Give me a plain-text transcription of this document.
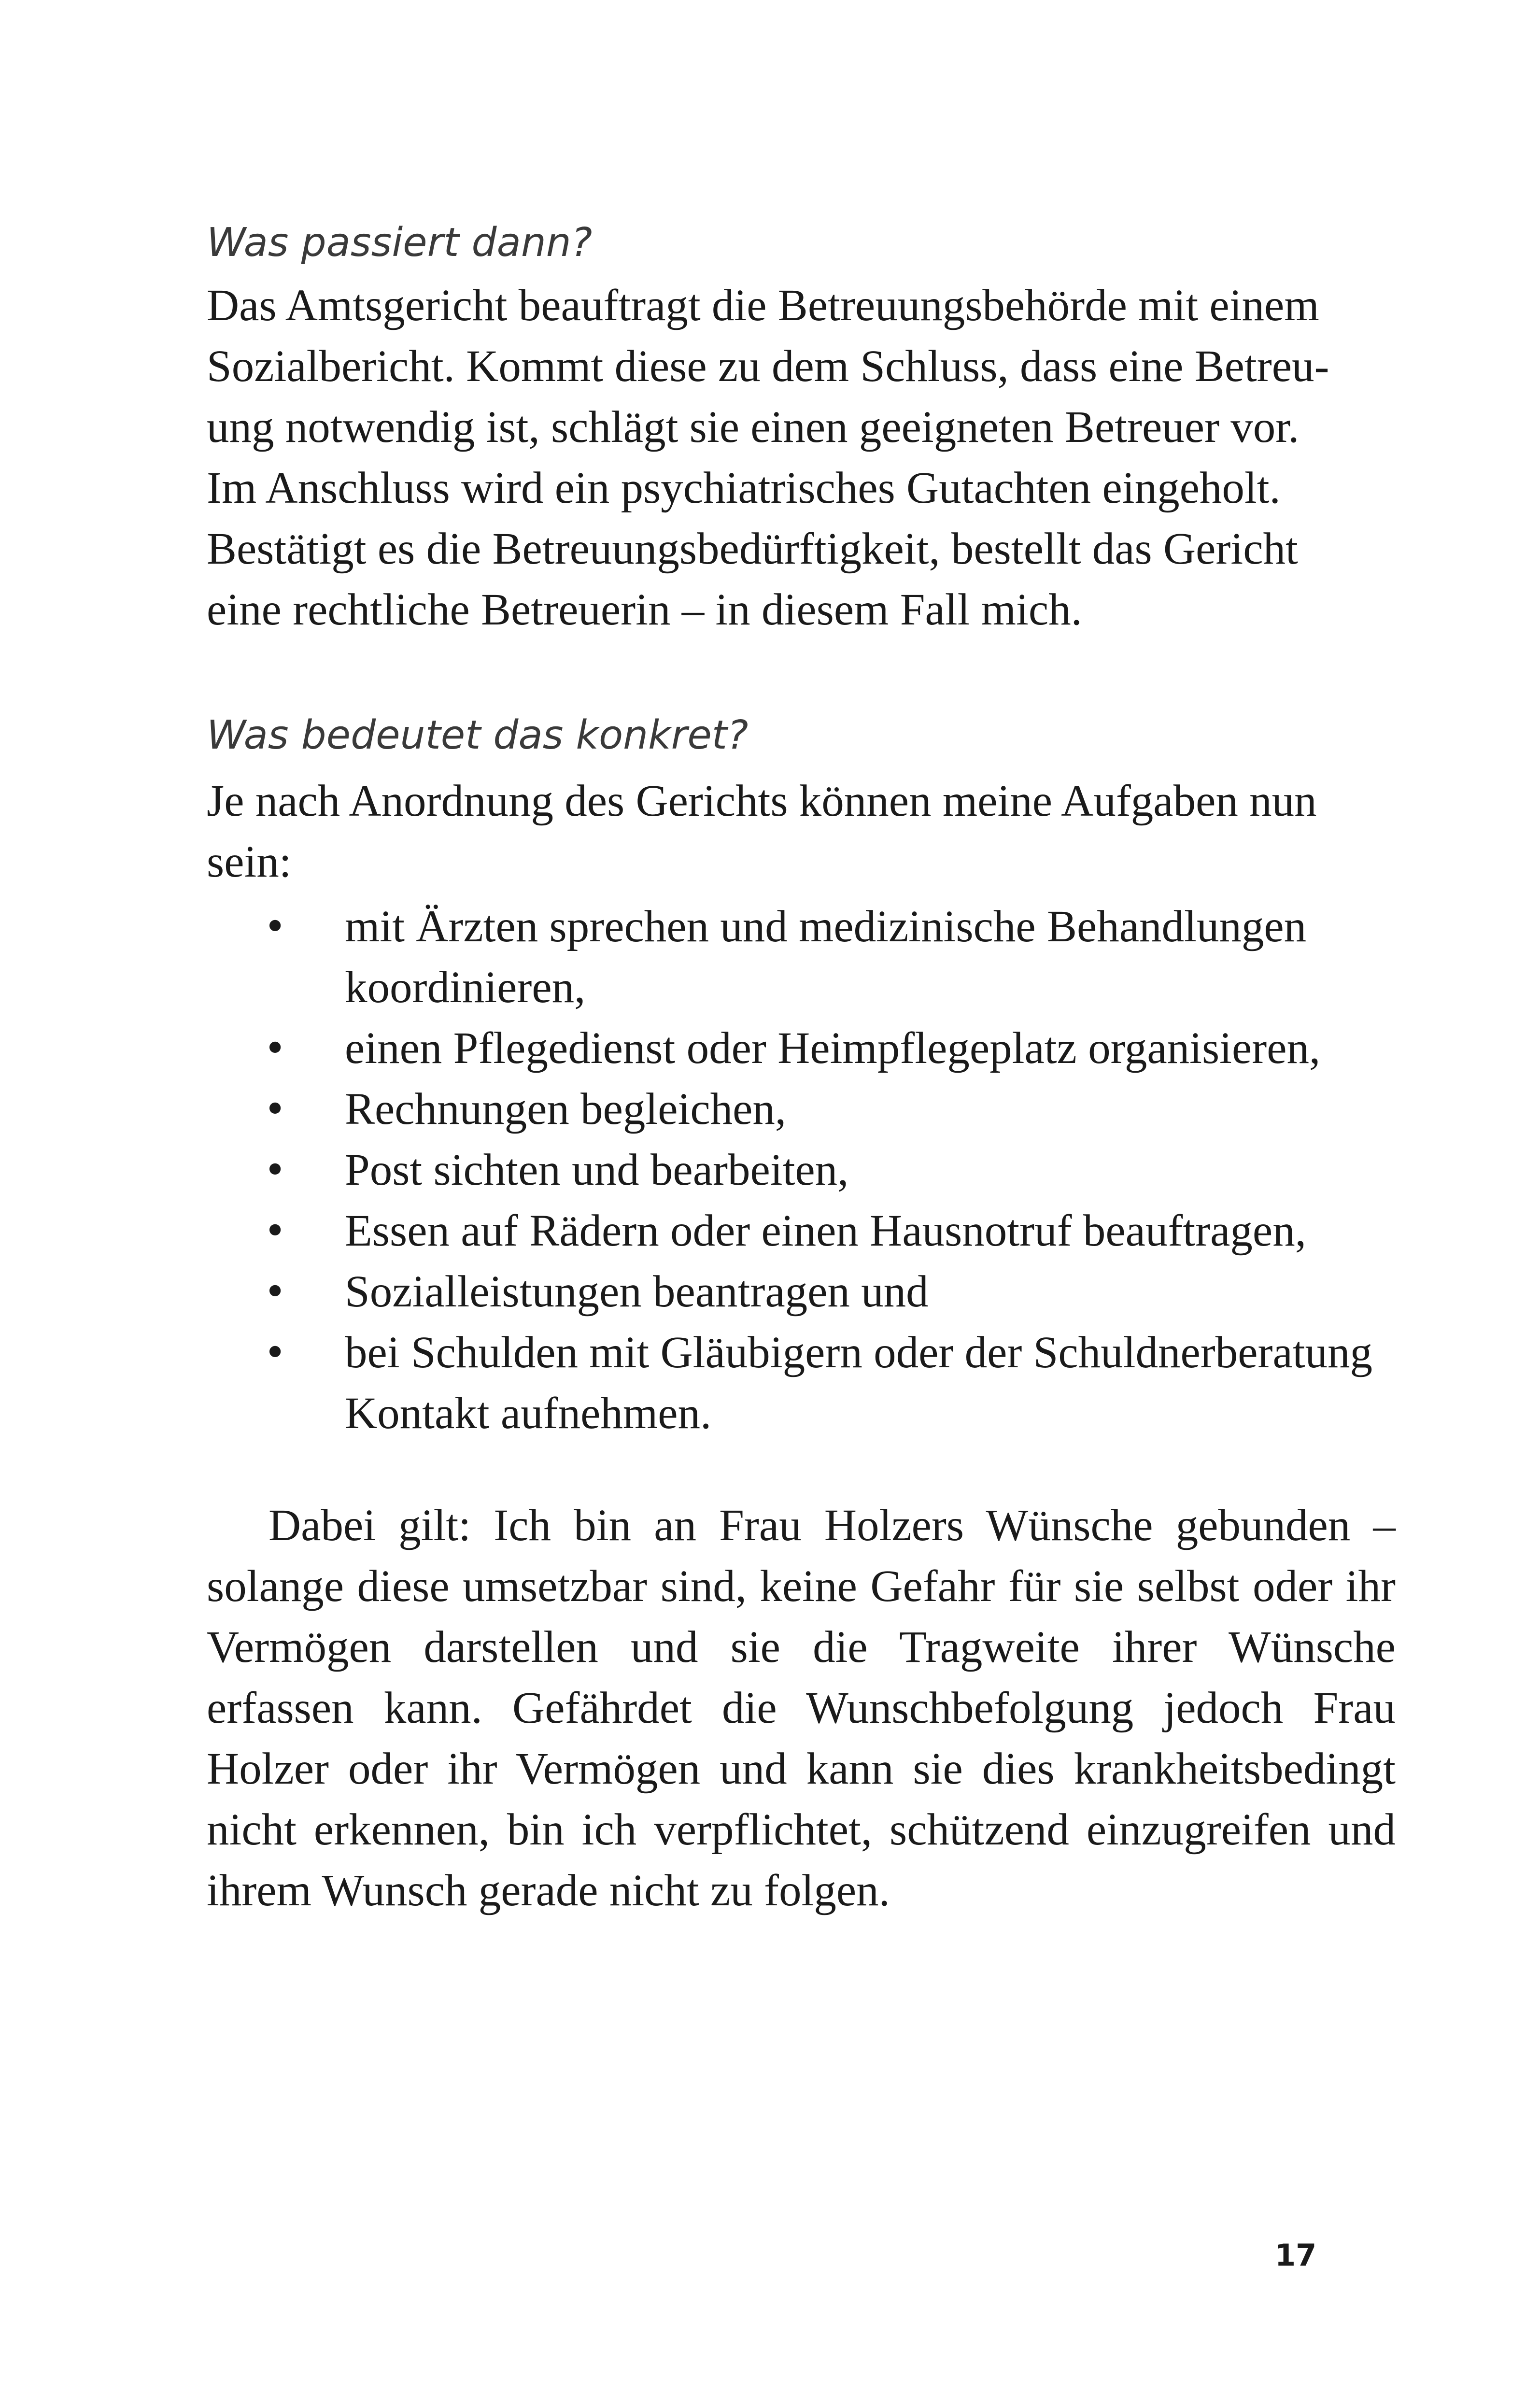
Was passiert dann?
Das Amtsgericht beauftragt die Betreuungsbehörde mit einem
Sozialbericht. Kommt diese zu dem Schluss, dass eine Betreu-
ung notwendig ist, schlägt sie einen geeigneten Betreuer vor.
Im Anschluss wird ein psychiatrisches Gutachten eingeholt.
Bestätigt es die Betreuungsbedürftigkeit, bestellt das Gericht
eine rechtliche Betreuerin – in diesem Fall mich.
Was bedeutet das konkret?

Je nach Anordnung des Gerichts können meine Aufgaben nun sein:

• mit Ärzten sprechen und medizinische Behandlungen koordinieren,
• einen Pflegedienst oder Heimpflegeplatz organisieren,
• Rechnungen begleichen,
• Post sichten und bearbeiten,
• Essen auf Rädern oder einen Hausnotruf beauftragen,
• Sozialleistungen beantragen und
• bei Schulden mit Gläubigern oder der Schuldnerberatung Kontakt aufnehmen.

Dabei gilt: Ich bin an Frau Holzers Wünsche gebunden – solange diese umsetzbar sind, keine Gefahr für sie selbst oder ihr Vermögen darstellen und sie die Tragweite ihrer Wünsche erfassen kann. Gefährdet die Wunschbefolgung jedoch Frau Holzer oder ihr Vermögen und kann sie dies krankheitsbedingt nicht erkennen, bin ich verpflichtet, schützend einzugreifen und ihrem Wunsch gerade nicht zu folgen.

17
